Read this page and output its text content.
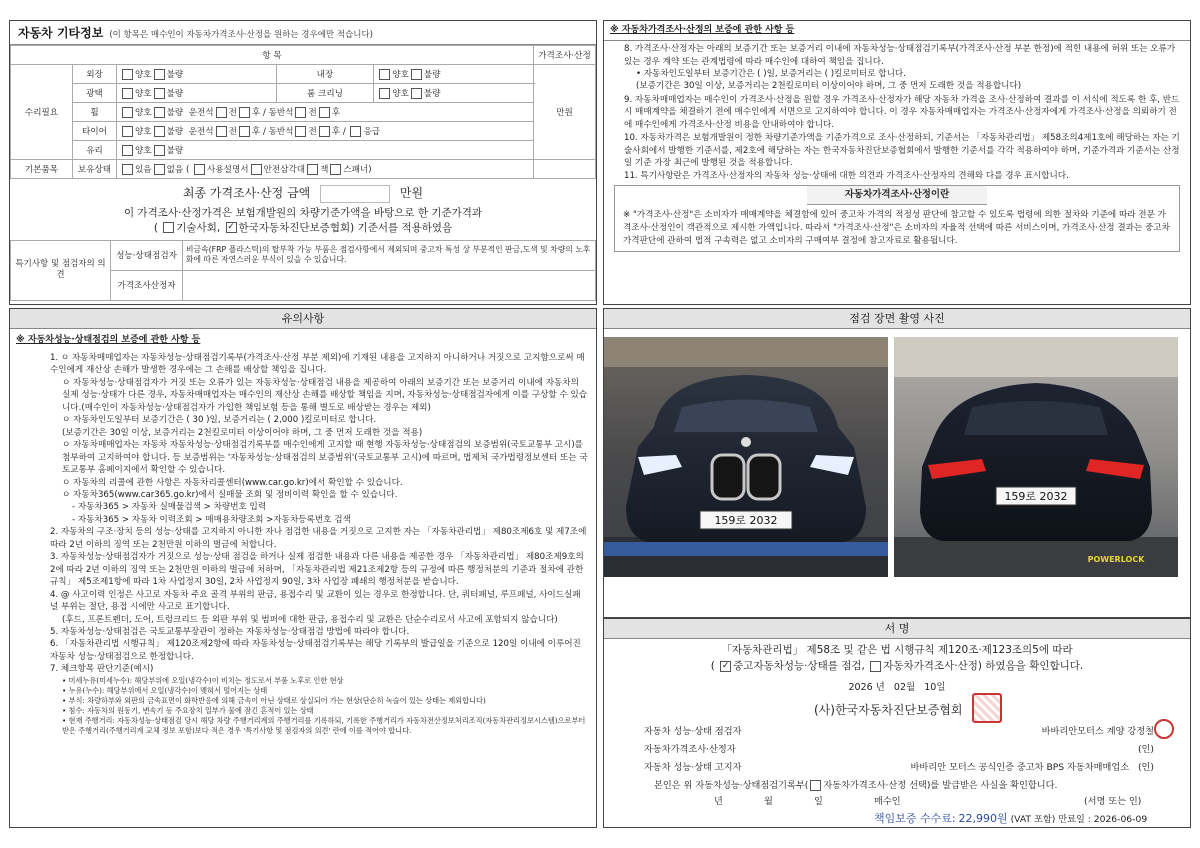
자동차 기타정보 (이 항목은 매수인이 자동차가격조사·산정을 원하는 경우에만 적습니다)
항 목					가격조사·산정
수리필요	외장	양호 불량	내장	양호 불량	만원
	광택	양호 불량	룸 크리닝	양호 불량	
	휠	양호 불량 운전석 전 후 / 동반석 전 후			
	타이어	양호 불량 운전석 전 후 / 동반석 전 후 / 응급			
	유리	양호 불량			
기본품목	보유상태	있음 없음 ( 사용설명서 안전삼각대 잭 스패너)			
최종 가격조사·산정 금액	만원
이 가격조사·산정가격은 보험개발원의 차량기준가액을 바탕으로 한 기준가격과
( 기술사회, ✓ 한국자동차진단보증협회) 기준서를 적용하였음
특기사항 및 점검자의 의견	성능·상태점검자	비금속(FRP 플라스틱)의 탈부착 가능 부품은 점검사항에서 제외되며 중고차 특성 상 부분적인 판금,도색 및 차량의 노후화에 따른 자연스러운 부식이 있을 수 있습니다.
	가격조사산정자	
※ 자동차가격조사·산정의 보증에 관한 사항 등

8. 가격조사·산정자는 아래의 보증기간 또는 보증거리 이내에 자동차성능·상태점검기록부(가격조사·산정 부분 한정)에 적힌 내용에 허위 또는 오류가 있는 경우 계약 또는 관계법령에 따라 매수인에 대하여 책임을 집니다.

• 자동차인도일부터 보증기간은 ( )일, 보증거리는 ( )킬로미터로 합니다.

(보증기간은 30일 이상, 보증거리는 2천킬로미터 이상이어야 하며, 그 중 먼저 도래한 것을 적용합니다)

9. 자동차매매업자는 매수인이 가격조사·산정을 원할 경우 가격조사·산정자가 해당 자동차 가격을 조사·산정하여 결과를 이 서식에 적도록 한 후, 반드시 매매계약을 체결하기 전에 매수인에게 서면으로 고지하여야 합니다. 이 경우 자동차매매업자는 가격조사·산정자에게 가격조사·산정을 의뢰하기 전에 매수인에게 가격조사·산정 비용을 안내하여야 합니다.

10. 자동차가격은 보험개발원이 정한 차량기준가액을 기준가격으로 조사·산정하되, 기준서는 「자동차관리법」 제58조의4제1호에 해당하는 자는 기술사회에서 발행한 기준서를, 제2호에 해당하는 자는 한국자동차진단보증협회에서 발행한 기준서를 각각 적용하여야 하며, 기준가격과 기준서는 산정일 기준 가장 최근에 발행된 것을 적용합니다.

11. 특기사항란은 가격조사·산정자의 자동차 성능·상태에 대한 의견과 가격조사·산정자의 견해와 다를 경우 표시합니다.

자동차가격조사·산정이란

※ "가격조사·산정"은 소비자가 매매계약을 체결함에 있어 중고차 가격의 적정성 판단에 참고할 수 있도록 법령에 의한 절차와 기준에 따라 전문 가격조사·산정인이 객관적으로 제시한 가액입니다. 따라서 "가격조사·산정"은 소비자의 자율적 선택에 따른 서비스이며, 가격조사·산정 결과는 중고차 가격판단에 관하여 법적 구속력은 없고 소비자의 구매여부 결정에 참고자료로 활용됩니다.

유의사항
※ 자동차성능·상태점검의 보증에 관한 사항 등

1. ㅇ 자동차매매업자는 자동차성능·상태점검기록부(가격조사·산정 부분 제외)에 기재된 내용을 고지하지 아니하거나 거짓으로 고지함으로써 매수인에게 재산상 손해가 발생한 경우에는 그 손해를 배상할 책임을 집니다.

ㅇ 자동차성능·상태점검자가 거짓 또는 오류가 있는 자동차성능·상태점검 내용을 제공하여 아래의 보증기간 또는 보증거리 이내에 자동차의 실제 성능·상태가 다른 경우, 자동차매매업자는 매수인의 재산상 손해를 배상할 책임을 지며, 자동차성능·상태점검자에게 이를 구상할 수 있습니다.(매수인이 자동차성능·상태점검자가 가입한 책임보험 등을 통해 별도로 배상받는 경우는 제외)

ㅇ 자동차인도일부터 보증기간은 ( 30 )일, 보증거리는 ( 2,000 )킬로미터로 합니다.

(보증기간은 30일 이상, 보증거리는 2천킬로미터 이상이어야 하며, 그 중 먼저 도래한 것을 적용)

ㅇ 자동차매매업자는 자동차 자동차성능·상태점검기록부를 매수인에게 고지할 때 현행 자동차성능·상태점검의 보증범위(국토교통부 고시)를 첨부하여 고지하여야 합니다. 등 보증범위는 '자동차성능·상태점검의 보증범위'(국토교통부 고시)에 따르며, 법제처 국가법령정보센터 또는 국토교통부 홈페이지에서 확인할 수 있습니다.

ㅇ 자동차의 리콜에 관한 사항은 자동차리콜센터(www.car.go.kr)에서 확인할 수 있습니다.

ㅇ 자동차365(www.car365.go.kr)에서 실매물 조회 및 정비이력 확인을 할 수 있습니다.

- 자동차365 > 자동차 실매물검색 > 차량번호 입력

- 자동차365 > 자동차 이력조회 > 매매용차량조회 >자동차등록번호 검색

2. 자동차의 구조·장치 등의 성능·상태를 고지하지 아니한 자나 점검한 내용을 거짓으로 고지한 자는 「자동차관리법」 제80조제6호 및 제7조에 따라 2년 이하의 징역 또는 2천만원 이하의 벌금에 처합니다.

3. 자동차성능·상태점검자가 거짓으로 성능·상태 점검을 하거나 실제 점검한 내용과 다른 내용을 제공한 경우 「자동차관리법」 제80조제9호의2에 따라 2년 이하의 징역 또는 2천만원 이하의 벌금에 처하며, 「자동차관리법 제21조제2항 등의 규정에 따른 행정처분의 기준과 절차에 관한 규칙」 제5조제1항에 따라 1차 사업정지 30일, 2차 사업정지 90일, 3차 사업장 폐쇄의 행정처분을 받습니다.

4. @ 사고이력 인정은 사고로 자동차 주요 골격 부위의 판금, 용접수리 및 교환이 있는 경우로 한정합니다. 단, 쿼터패널, 루프패널, 사이드실패널 부위는 절단, 용접 시에만 사고로 표기합니다.

(후드, 프론트펜더, 도어, 트렁크리드 등 외판 부위 및 범퍼에 대한 판금, 용접수리 및 교환은 단순수리로서 사고에 포함되지 않습니다)

5. 자동차성능·상태점검은 국토교통부장관이 정하는 자동차성능·상태점검 방법에 따라야 합니다.

6. 「자동차관리법 시행규칙」 제120조제2항에 따라 자동차성능·상태점검기록부는 해당 기록부의 발급일을 기준으로 120일 이내에 이루어진 자동차 성능·상태점검으로 한정합니다.

7. 체크항목 판단기준(예시)

• 미세누유(미세누수): 해당부위에 오일(냉각수)이 비치는 정도로서 부품 노후로 인한 현상

• 누유(누수): 해당부위에서 오일(냉각수)이 맺혀서 떨어지는 상태

• 부식: 차량하부와 외판의 금속표면이 화학반응에 의해 금속이 아닌 상태로 상실되어 가는 현상(단순히 녹슬어 있는 상태는 제외합니다)

• 침수: 자동차의 원동기, 변속기 등 주요장치 일부가 물에 잠긴 흔적이 있는 상태

• 현재 주행거리: 자동차성능·상태점검 당시 해당 차량 주행거리계의 주행거리를 기록하되, 기록한 주행거리가 자동차전산정보처리조직(자동차관리정보시스템)으로부터 받은 주행거리(주행거리계 교체 정보 포함)보다 적은 경우 '특기사항 및 점검자의 의견' 란에 이를 적어야 합니다.

점검 장면 촬영 사진
159로 2032
159로 2032
POWERLOCK
서 명
「자동차관리법」 제58조 및 같은 법 시행규칙 제120조·제123조의5에 따라
( ✓ 중고자동차성능·상태를 점검, 자동차가격조사·산정) 하였음을 확인합니다.
2026 년 02월 10일
(사)한국자동차진단보증협회
자동차 성능·상태 점검자	바바리안모터스 계양 강정철
자동차가격조사·산정자	(인)
자동차 성능·상태 고지자	바바리안 모터스 공식인증 중고차 BPS 자동차매매업소 (인)
본인은 위 자동차성능·상태점검기록부( 자동차가격조사·산정 선택)를 발급받은 사실을 확인합니다.
년	월	일	매수인	(서명 또는 인)
책임보증 수수료: 22,990원 (VAT 포함) 만료일 : 2026-06-09
